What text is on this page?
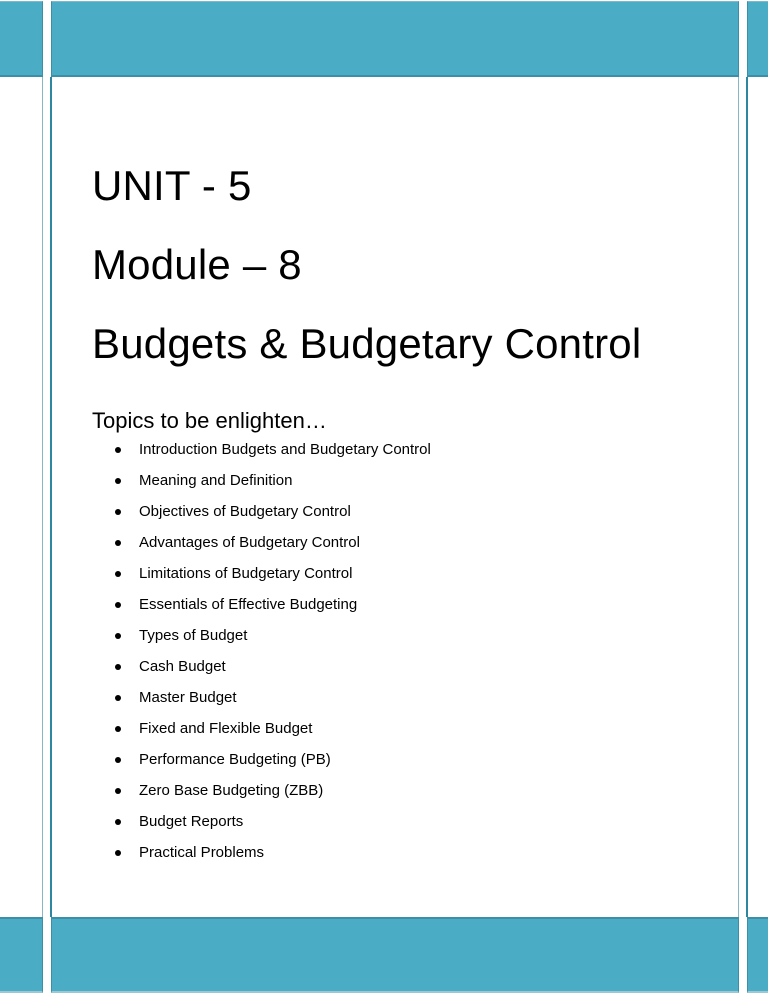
UNIT - 5
Module – 8
Budgets & Budgetary Control
Topics to be enlighten…
Introduction Budgets and Budgetary Control
Meaning and Definition
Objectives of Budgetary Control
Advantages of Budgetary Control
Limitations of Budgetary Control
Essentials of Effective Budgeting
Types of Budget
Cash Budget
Master Budget
Fixed and Flexible Budget
Performance Budgeting (PB)
Zero Base Budgeting (ZBB)
Budget Reports
Practical Problems
